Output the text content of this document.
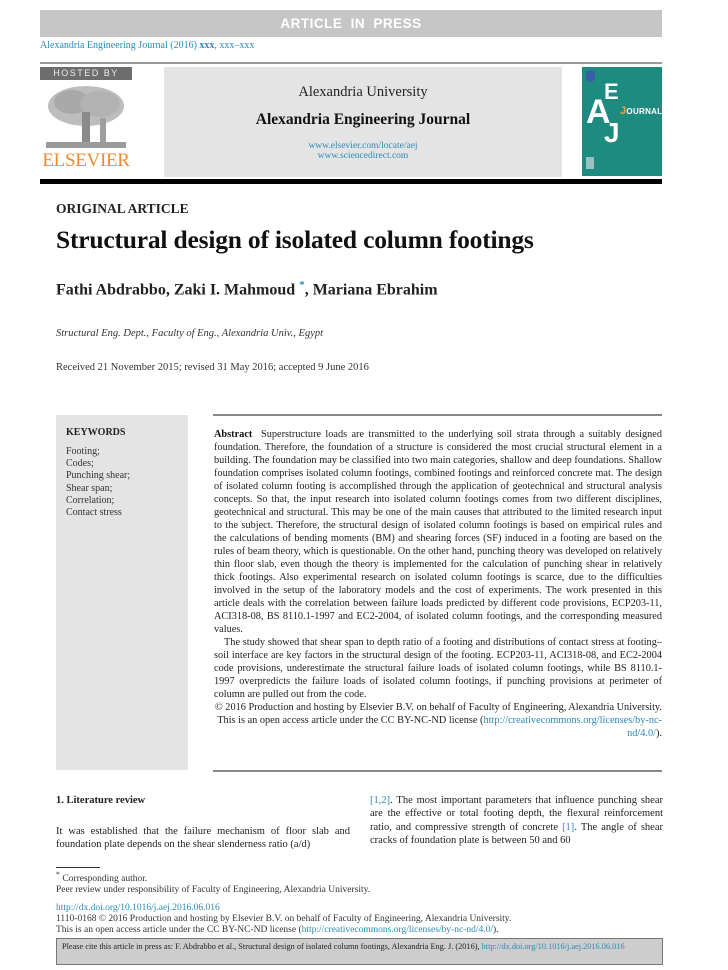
ARTICLE IN PRESS
Alexandria Engineering Journal (2016) xxx, xxx–xxx
HOSTED BY
ELSEVIER
Alexandria University
Alexandria Engineering Journal
www.elsevier.com/locate/aej
www.sciencedirect.com
E
A
J
JOURNAL
ORIGINAL ARTICLE
Structural design of isolated column footings
Fathi Abdrabbo, Zaki I. Mahmoud *, Mariana Ebrahim
Structural Eng. Dept., Faculty of Eng., Alexandria Univ., Egypt
Received 21 November 2015; revised 31 May 2016; accepted 9 June 2016
KEYWORDS
Footing;
Codes;
Punching shear;
Shear span;
Correlation;
Contact stress

Abstract Superstructure loads are transmitted to the underlying soil strata through a suitably designed foundation. Therefore, the foundation of a structure is considered the most crucial structural element in a building. The foundation may be classified into two main categories, shallow and deep foundations. Shallow foundation comprises isolated column footings, combined footings and reinforced concrete mat. The design of isolated column footing is accomplished through the application of geotechnical and structural analysis concepts. So that, the input research into isolated column footings comes from two different disciplines, geotechnical and structural. This may be one of the main causes that attributed to the limited research input to the subject. Therefore, the structural design of isolated column footings is based on empirical rules and the calculations of bending moments (BM) and shearing forces (SF) induced in a footing are based on the rules of beam theory, which is questionable. On the other hand, punching theory was developed on relatively thin floor slab, even though the theory is implemented for the calculation of punching shear in relatively thick footings. Also experimental research on isolated column footings is scarce, due to the difficulties involved in the setup of the laboratory models and the cost of experiments. The work presented in this article deals with the correlation between failure loads predicted by different code provisions, ECP203-11, ACI318-08, BS 8110.1-1997 and EC2-2004, of isolated column footings, and the corresponding measured values.

The study showed that shear span to depth ratio of a footing and distributions of contact stress at footing–soil interface are key factors in the structural design of the footing. ECP203-11, ACI318-08, and EC2-2004 code provisions, underestimate the structural failure loads of isolated column footings, while BS 8110.1-1997 overpredicts the failure loads of isolated column footings, if punching provisions at perimeter of column are pulled out from the code.

© 2016 Production and hosting by Elsevier B.V. on behalf of Faculty of Engineering, Alexandria University. This is an open access article under the CC BY-NC-ND license (http://creativecommons.org/licenses/by-nc-nd/4.0/).

1. Literature review
It was established that the failure mechanism of floor slab and foundation plate depends on the shear slenderness ratio (a/d)
[1,2]. The most important parameters that influence punching shear are the effective or total footing depth, the flexural reinforcement ratio, and compressive strength of concrete [1]. The angle of shear cracks of foundation plate is between 50 and 60
* Corresponding author.
Peer review under responsibility of Faculty of Engineering, Alexandria University.
http://dx.doi.org/10.1016/j.aej.2016.06.016
1110-0168 © 2016 Production and hosting by Elsevier B.V. on behalf of Faculty of Engineering, Alexandria University.
This is an open access article under the CC BY-NC-ND license (http://creativecommons.org/licenses/by-nc-nd/4.0/).
Please cite this article in press as: F. Abdrabbo et al., Structural design of isolated column footings, Alexandria Eng. J. (2016), http://dx.doi.org/10.1016/j.aej.2016.06.016
